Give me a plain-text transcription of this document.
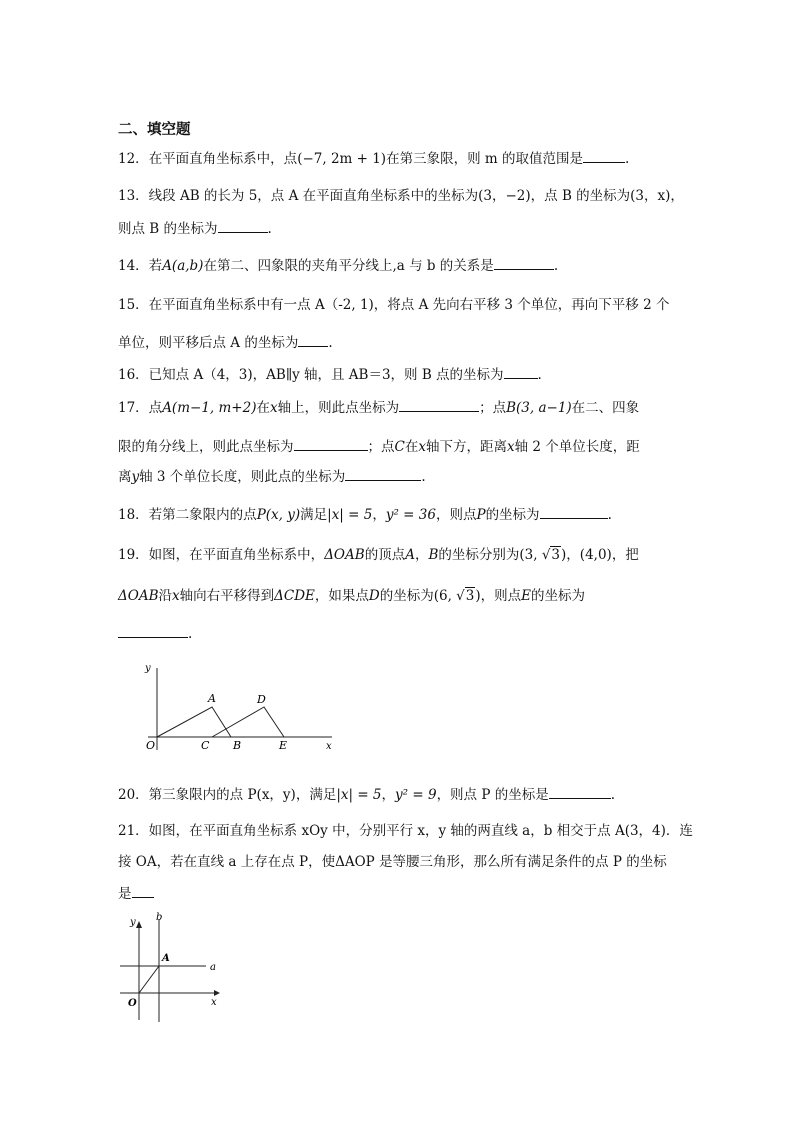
二、填空题
12．在平面直角坐标系中，点(−7, 2m + 1)在第三象限，则 m 的取值范围是	.
13．线段 AB 的长为 5，点 A 在平面直角坐标系中的坐标为(3，−2)，点 B 的坐标为(3，x)，
则点 B 的坐标为	.
14．若A(a,b)在第二、四象限的夹角平分线上,a 与 b 的关系是	.
15．在平面直角坐标系中有一点 A（-2, 1)，将点 A 先向右平移 3 个单位，再向下平移 2 个
单位，则平移后点 A 的坐标为 .
16．已知点 A（4，3)，AB∥y 轴，且 AB＝3，则 B 点的坐标为	.
17．点A(m−1, m+2)在x轴上，则此点坐标为	；点B(3, a−1)在二、四象
限的角分线上，则此点坐标为	；点C在x轴下方，距离x轴 2 个单位长度，距
离y轴 3 个单位长度，则此点的坐标为	.
18．若第二象限内的点P(x, y)满足|x| = 5，y² = 36，则点P的坐标为	.
19．如图，在平面直角坐标系中，ΔOAB的顶点A，B的坐标分别为(3, √3)，(4,0)，把
ΔOAB沿x轴向右平移得到ΔCDE，如果点D的坐标为(6, √3)，则点E的坐标为
.
y
O
A
C B
D
E	x
20．第三象限内的点 P(x，y)，满足|x| = 5，y² = 9，则点 P 的坐标是	.
21．如图，在平面直角坐标系 xOy 中，分别平行 x，y 轴的两直线 a，b 相交于点 A(3，4)．连
接 OA，若在直线 a 上存在点 P，使ΔAOP 是等腰三角形，那么所有满足条件的点 P 的坐标
是
y b
A
a
O	x
